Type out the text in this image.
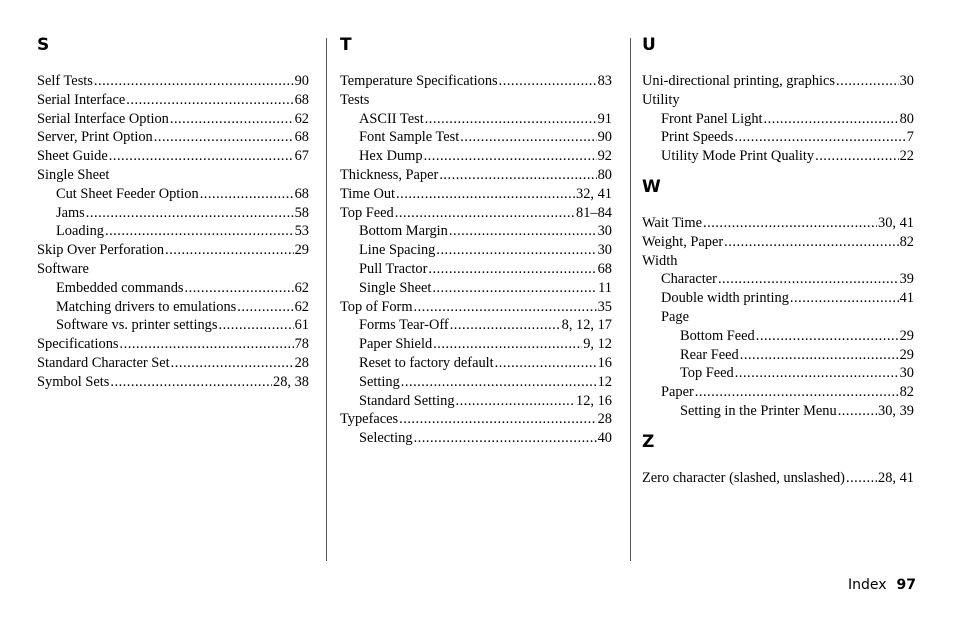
S
Self Tests .....	90
Serial Interface .....	68
Serial Interface Option .....	62
Server, Print Option .....	68
Sheet Guide .....	67
Single Sheet
Cut Sheet Feeder Option .....	68
Jams .....	58
Loading .....	53
Skip Over Perforation .....	29
Software
Embedded commands .....	62
Matching drivers to emulations .....	62
Software vs. printer settings .....	61
Specifications .....	78
Standard Character Set .....	28
Symbol Sets .....	28, 38
T
Temperature Specifications .....	83
Tests
ASCII Test .....	91
Font Sample Test .....	90
Hex Dump .....	92
Thickness, Paper .....	80
Time Out .....	32, 41
Top Feed .....	81–84
Bottom Margin .....	30
Line Spacing .....	30
Pull Tractor .....	68
Single Sheet .....	11
Top of Form .....	35
Forms Tear-Off .....	8, 12, 17
Paper Shield .....	9, 12
Reset to factory default .....	16
Setting .....	12
Standard Setting .....	12, 16
Typefaces .....	28
Selecting .....	40
U
Uni-directional printing, graphics .....	30
Utility
Front Panel Light .....	80
Print Speeds .....	7
Utility Mode Print Quality .....	22
W
Wait Time .....	30, 41
Weight, Paper .....	82
Width
Character .....	39
Double width printing .....	41
Page
Bottom Feed .....	29
Rear Feed .....	29
Top Feed .....	30
Paper .....	82
Setting in the Printer Menu .....	30, 39
Z
Zero character (slashed, unslashed) ..... 28, 41
Index 97
